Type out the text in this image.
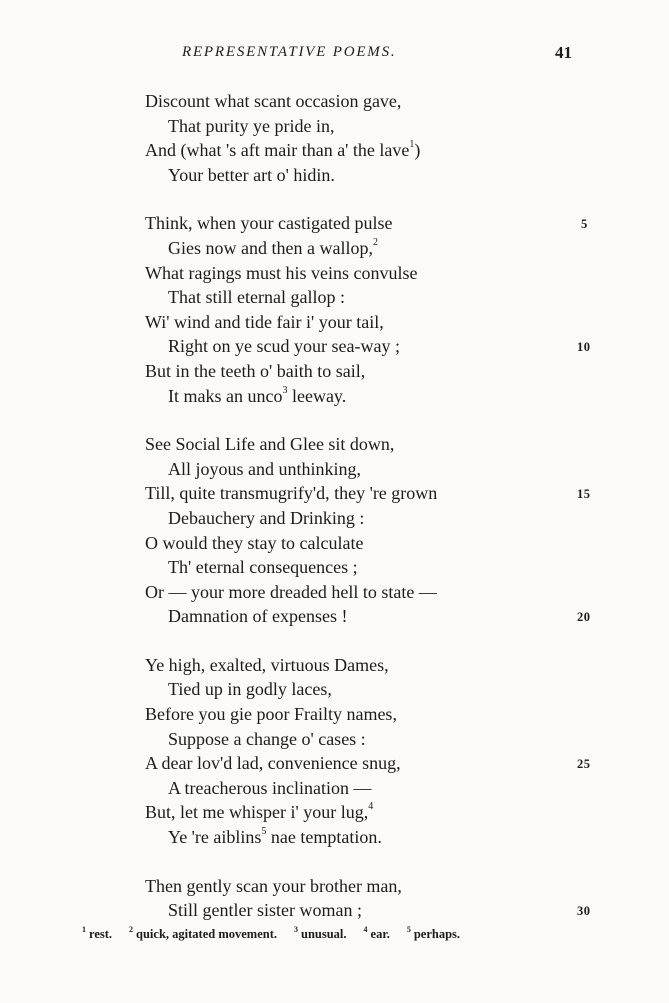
REPRESENTATIVE POEMS.	41
Discount what scant occasion gave,
That purity ye pride in,
And (what 's aft mair than a' the lave$^1$)
Your better art o' hidin.
Think, when your castigated pulse	5
Gies now and then a wallop,$^2$
What ragings must his veins convulse
That still eternal gallop :
Wi' wind and tide fair i' your tail,
Right on ye scud your sea-way ;	10
But in the teeth o' baith to sail,
It maks an unco$^3$ leeway.
See Social Life and Glee sit down,
All joyous and unthinking,
Till, quite transmugrify'd, they 're grown	15
Debauchery and Drinking :
O would they stay to calculate
Th' eternal consequences ;
Or — your more dreaded hell to state —
Damnation of expenses !	20
Ye high, exalted, virtuous Dames,
Tied up in godly laces,
Before you gie poor Frailty names,
Suppose a change o' cases :
A dear lov'd lad, convenience snug,	25
A treacherous inclination —
But, let me whisper i' your lug,$^4$
Ye 're aiblins$^5$ nae temptation.
Then gently scan your brother man,
Still gentler sister woman ;	30
$^1$ rest. $^2$ quick, agitated movement. $^3$ unusual. $^4$ ear. $^5$ perhaps.
